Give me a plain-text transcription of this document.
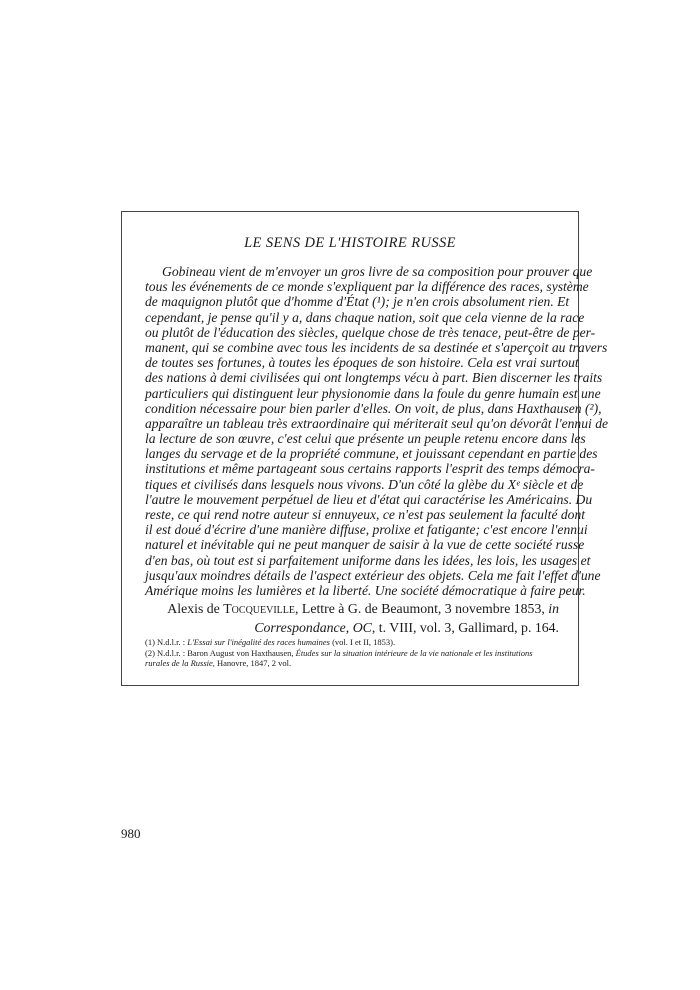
LE SENS DE L'HISTOIRE RUSSE
Gobineau vient de m'envoyer un gros livre de sa composition pour prouver que
tous les événements de ce monde s'expliquent par la différence des races, système
de maquignon plutôt que d'homme d'État (¹); je n'en crois absolument rien. Et
cependant, je pense qu'il y a, dans chaque nation, soit que cela vienne de la race
ou plutôt de l'éducation des siècles, quelque chose de très tenace, peut-être de per-
manent, qui se combine avec tous les incidents de sa destinée et s'aperçoit au travers
de toutes ses fortunes, à toutes les époques de son histoire. Cela est vrai surtout
des nations à demi civilisées qui ont longtemps vécu à part. Bien discerner les traits
particuliers qui distinguent leur physionomie dans la foule du genre humain est une
condition nécessaire pour bien parler d'elles. On voit, de plus, dans Haxthausen (²),
apparaître un tableau très extraordinaire qui mériterait seul qu'on dévorât l'ennui de
la lecture de son œuvre, c'est celui que présente un peuple retenu encore dans les
langes du servage et de la propriété commune, et jouissant cependant en partie des
institutions et même partageant sous certains rapports l'esprit des temps démocra-
tiques et civilisés dans lesquels nous vivons. D'un côté la glèbe du Xᵉ siècle et de
l'autre le mouvement perpétuel de lieu et d'état qui caractérise les Américains. Du
reste, ce qui rend notre auteur si ennuyeux, ce n'est pas seulement la faculté dont
il est doué d'écrire d'une manière diffuse, prolixe et fatigante; c'est encore l'ennui
naturel et inévitable qui ne peut manquer de saisir à la vue de cette société russe
d'en bas, où tout est si parfaitement uniforme dans les idées, les lois, les usages et
jusqu'aux moindres détails de l'aspect extérieur des objets. Cela me fait l'effet d'une
Amérique moins les lumières et la liberté. Une société démocratique à faire peur.
Alexis de Tocqueville, Lettre à G. de Beaumont, 3 novembre 1853, in
Correspondance, OC, t. VIII, vol. 3, Gallimard, p. 164.
(1) N.d.l.r. : L'Essai sur l'inégalité des races humaines (vol. I et II, 1853).
(2) N.d.l.r. : Baron August von Haxthausen, Études sur la situation intérieure de la vie nationale et les institutions
rurales de la Russie, Hanovre, 1847, 2 vol.
980
